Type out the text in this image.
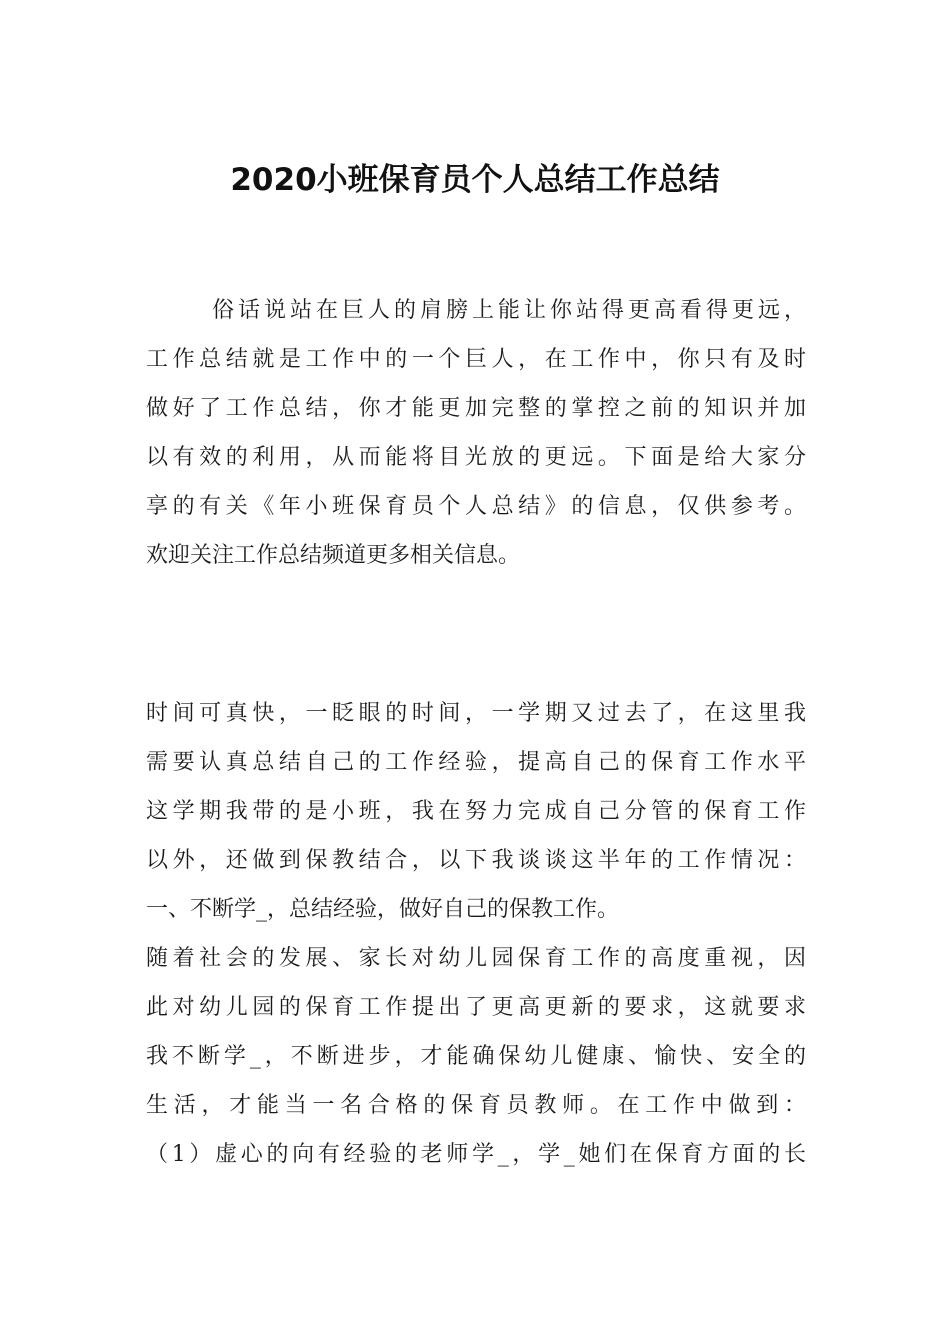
2020小班保育员个人总结工作总结
俗话说站在巨人的肩膀上能让你站得更高看得更远，
工作总结就是工作中的一个巨人，在工作中，你只有及时
做好了工作总结，你才能更加完整的掌控之前的知识并加
以有效的利用，从而能将目光放的更远。下面是给大家分
享的有关《年小班保育员个人总结》的信息，仅供参考。
欢迎关注工作总结频道更多相关信息。
时间可真快，一眨眼的时间，一学期又过去了，在这里我
需要认真总结自己的工作经验，提高自己的保育工作水平
这学期我带的是小班，我在努力完成自己分管的保育工作
以外，还做到保教结合，以下我谈谈这半年的工作情况：
一、不断学_，总结经验，做好自己的保教工作。
随着社会的发展、家长对幼儿园保育工作的高度重视，因
此对幼儿园的保育工作提出了更高更新的要求，这就要求
我不断学_，不断进步，才能确保幼儿健康、愉快、安全的
生活，才能当一名合格的保育员教师。在工作中做到：
（1）虚心的向有经验的老师学_，学_她们在保育方面的长
